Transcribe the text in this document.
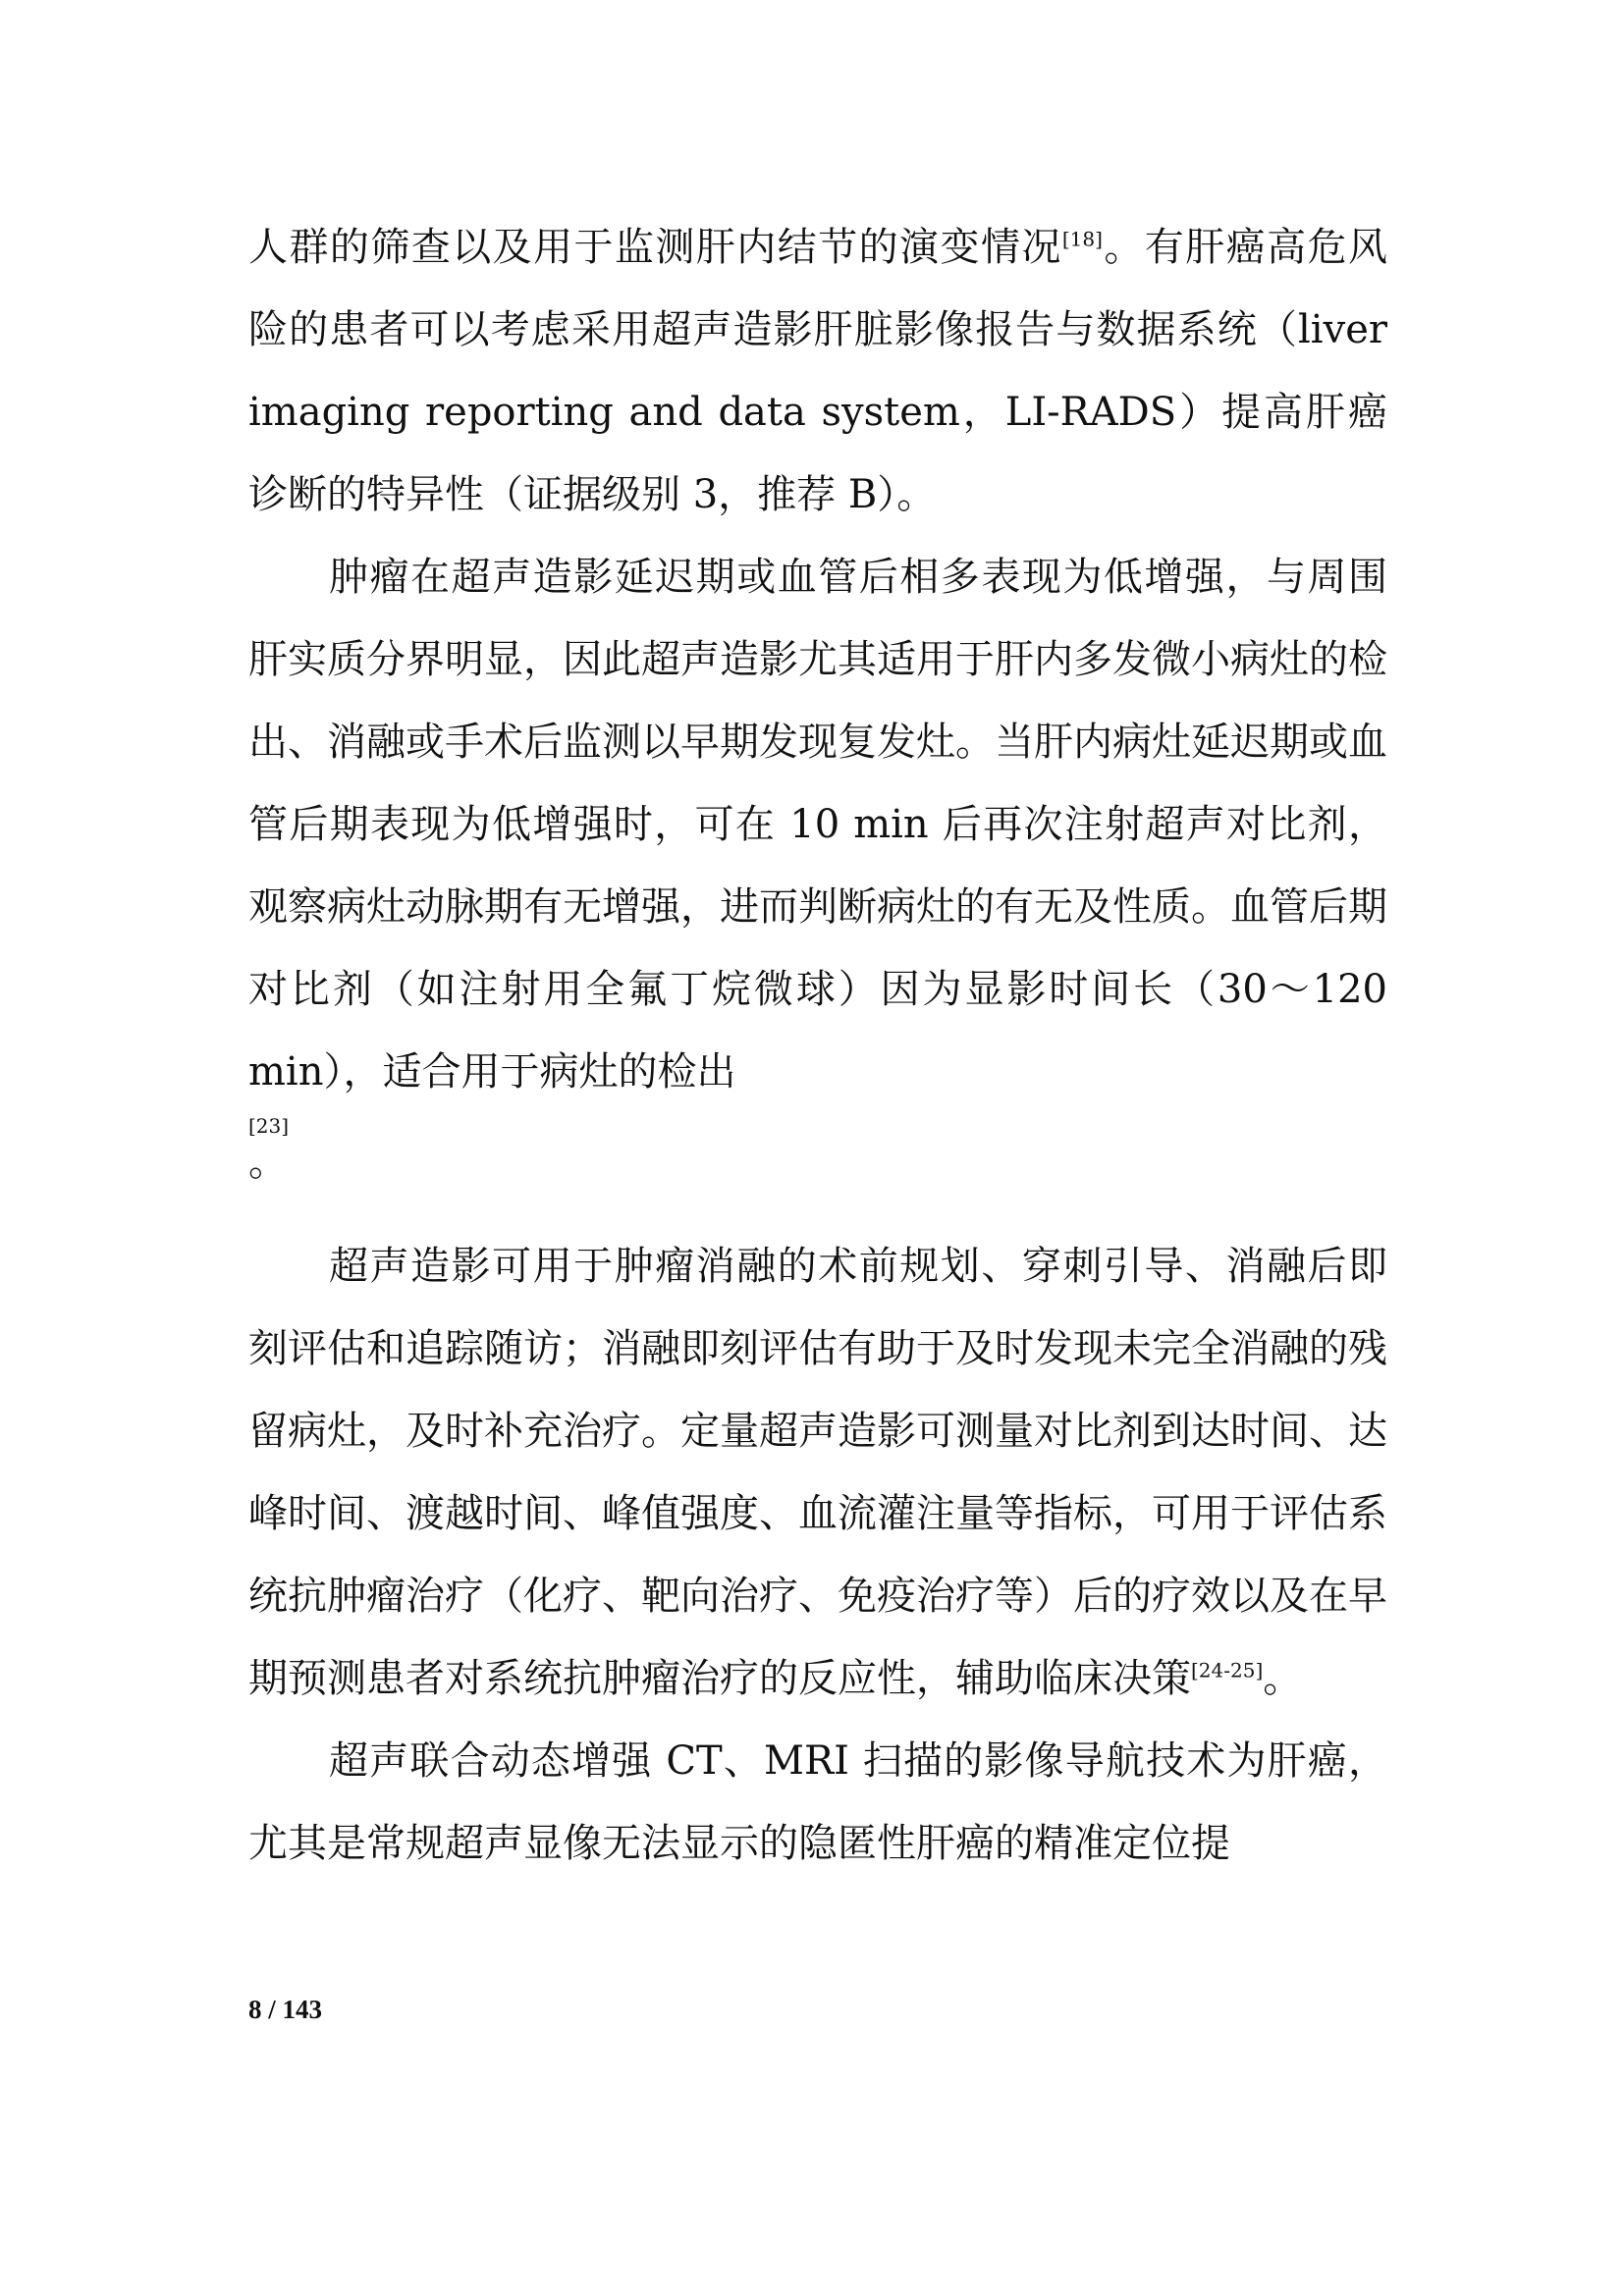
人群的筛查以及用于监测肝内结节的演变情况[18]。有肝癌高危风险的患者可以考虑采用超声造影肝脏影像报告与数据系统（liver imaging reporting and data system，LI-RADS）提高肝癌诊断的特异性（证据级别 3，推荐 B）。

肿瘤在超声造影延迟期或血管后相多表现为低增强，与周围肝实质分界明显，因此超声造影尤其适用于肝内多发微小病灶的检出、消融或手术后监测以早期发现复发灶。当肝内病灶延迟期或血管后期表现为低增强时，可在 10 min 后再次注射超声对比剂，观察病灶动脉期有无增强，进而判断病灶的有无及性质。血管后期对比剂（如注射用全氟丁烷微球）因为显影时间长（30～120 min），适合用于病灶的检出

[23]
。

超声造影可用于肿瘤消融的术前规划、穿刺引导、消融后即刻评估和追踪随访；消融即刻评估有助于及时发现未完全消融的残留病灶，及时补充治疗。定量超声造影可测量对比剂到达时间、达峰时间、渡越时间、峰值强度、血流灌注量等指标，可用于评估系统抗肿瘤治疗（化疗、靶向治疗、免疫治疗等）后的疗效以及在早期预测患者对系统抗肿瘤治疗的反应性，辅助临床决策[24-25]。

超声联合动态增强 CT、MRI 扫描的影像导航技术为肝癌，尤其是常规超声显像无法显示的隐匿性肝癌的精准定位提

8 / 143
